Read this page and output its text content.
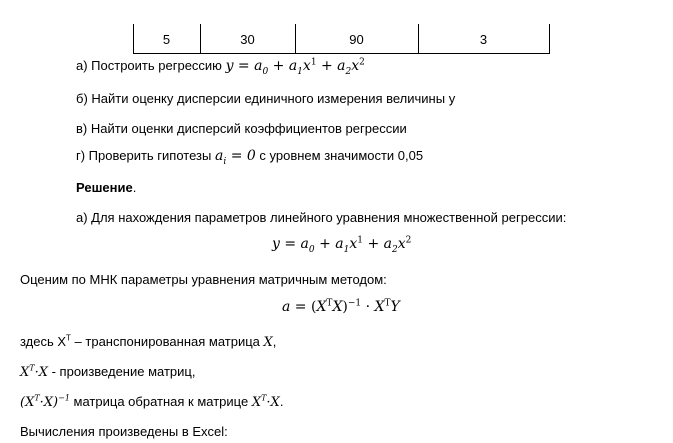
5	30	90	3
а) Построить регрессию $y = a_0 + a_1x^1 + a_2x^2$
б) Найти оценку дисперсии единичного измерения величины y
в) Найти оценки дисперсий коэффициентов регрессии
г) Проверить гипотезы $a_i = 0$ с уровнем значимости 0,05
Решение.
а) Для нахождения параметров линейного уравнения множественной регрессии:
$y = a_0 + a_1x^1 + a_2x^2$
Оценим по МНК параметры уравнения матричным методом:
$a = (X^TX)^{-1} \cdot X^TY$
здесь $X^T$ – транспонированная матрица X,
$X^T\cdot X$ - произведение матриц,
$(X^T\cdot X)^{-1}$ матрица обратная к матрице $X^T\cdot X$.
Вычисления произведены в Excel:
